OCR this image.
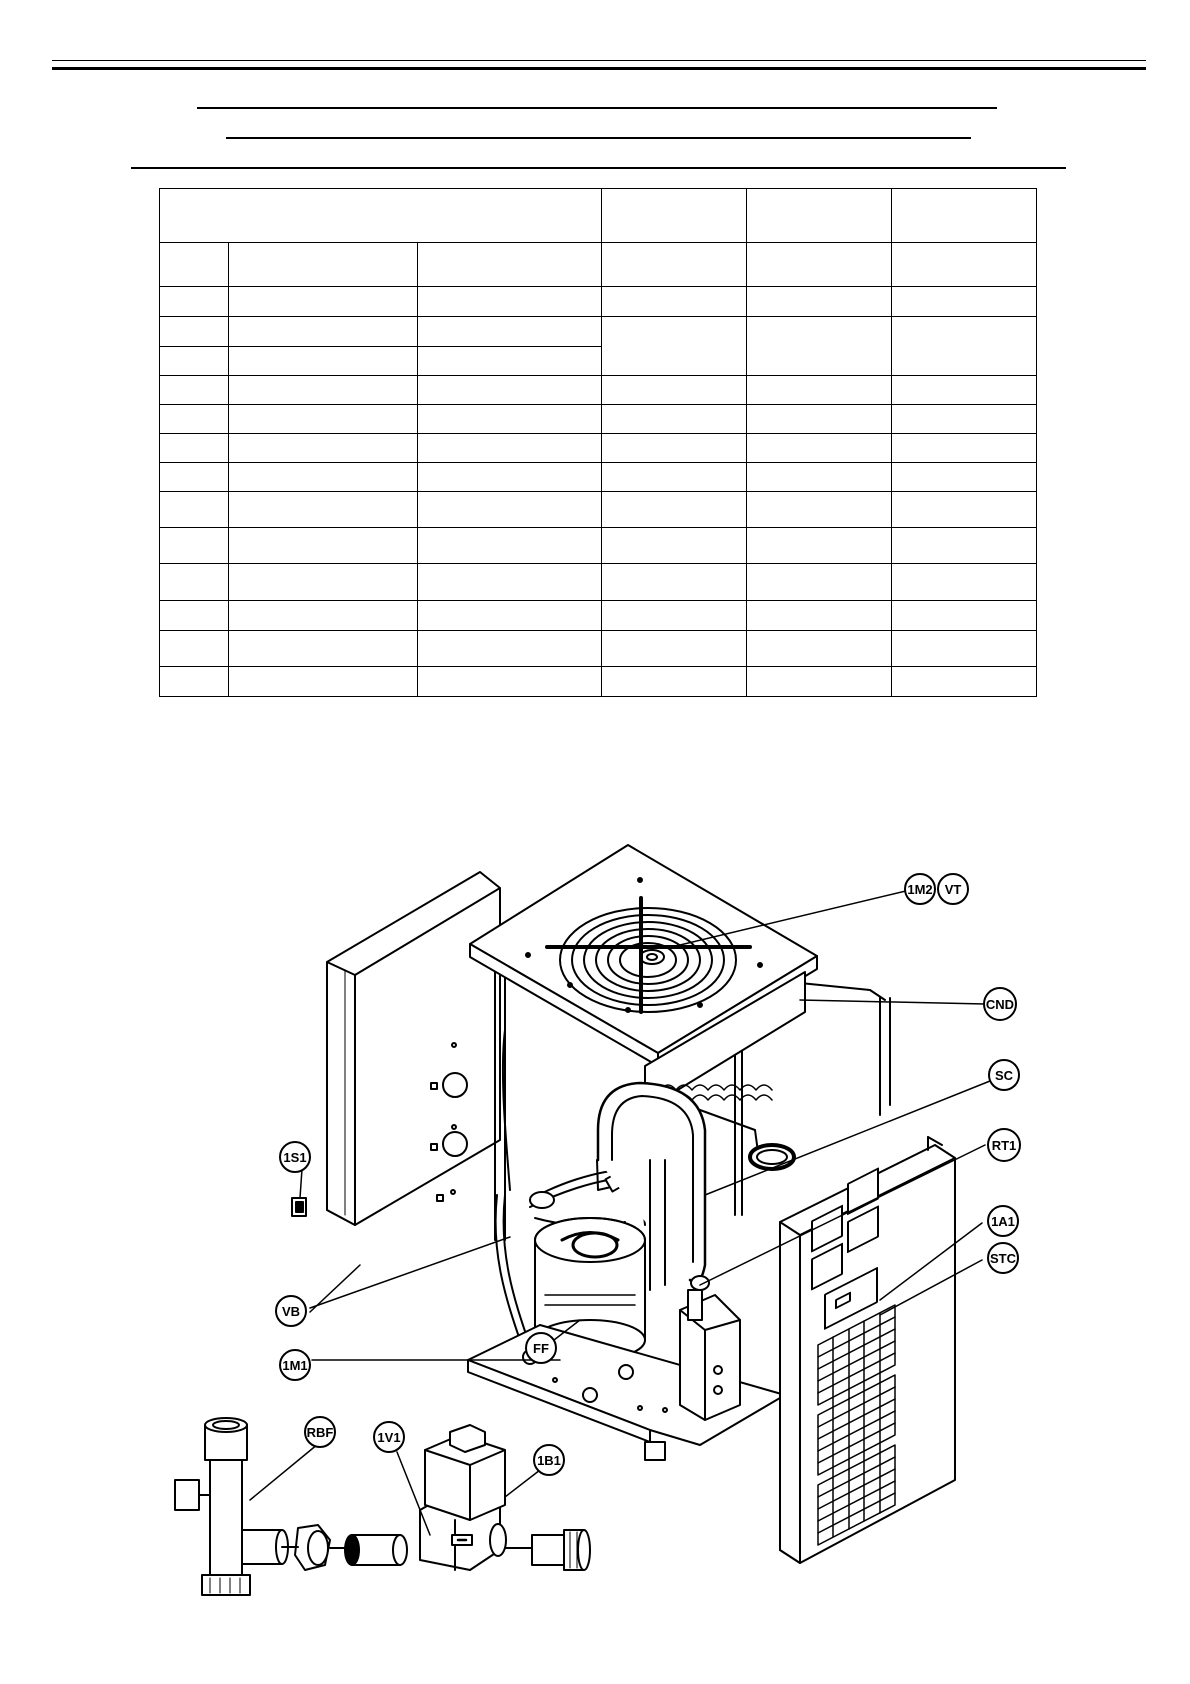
1M2 VT
CND
SC
FF
RT1
1S1
1A1
STC
VB
1M1
RBF	1V1
1B1
